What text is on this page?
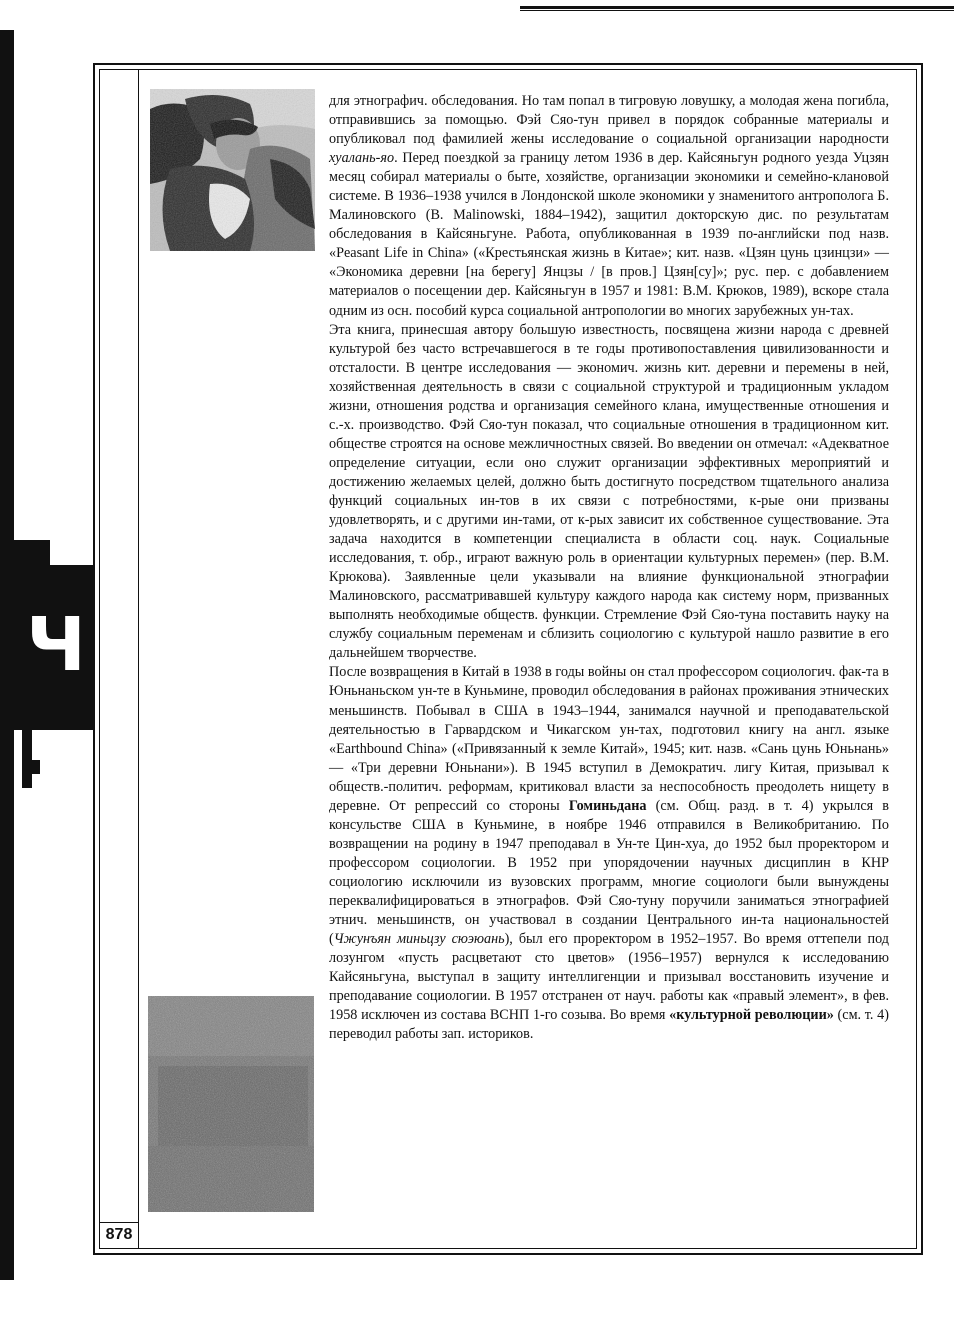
Ч
878

для этнографич. обследования. Но там попал в тигровую ловушку, а молодая жена погибла, отправившись за помощью. Фэй Сяо-тун привел в порядок собранные материалы и опубликовал под фамилией жены исследование о социальной организации народности хуалань-яо. Перед поездкой за границу летом 1936 в дер. Кайсяньгун родного уезда Уцзян месяц собирал материалы о быте, хозяйстве, организации экономики и семейно-клановой системе. В 1936–1938 учился в Лондонской школе экономики у знаменитого антрополога Б. Малиновского (B. Malinowski, 1884–1942), защитил докторскую дис. по результатам обследования в Кайсяньгуне. Работа, опубликованная в 1939 по-английски под назв. «Peasant Life in China» («Крестьянская жизнь в Китае»; кит. назв. «Цзян цунь цзинцзи» — «Экономика деревни [на берегу] Янцзы / [в пров.] Цзян[су]»; рус. пер. с добавлением материалов о посещении дер. Кайсяньгун в 1957 и 1981: В.М. Крюков, 1989), вскоре стала одним из осн. пособий курса социальной антропологии во многих зарубежных ун-тах.

Эта книга, принесшая автору большую известность, посвящена жизни народа с древней культурой без часто встречавшегося в те годы противопоставления цивилизованности и отсталости. В центре исследования — экономич. жизнь кит. деревни и перемены в ней, хозяйственная деятельность в связи с социальной структурой и традиционным укладом жизни, отношения родства и организация семейного клана, имущественные отношения и с.-х. производство. Фэй Сяо-тун показал, что социальные отношения в традиционном кит. обществе строятся на основе межличностных связей. Во введении он отмечал: «Адекватное определение ситуации, если оно служит организации эффективных мероприятий и достижению желаемых целей, должно быть достигнуто посредством тщательного анализа функций социальных ин-тов в их связи с потребностями, к-рые они призваны удовлетворять, и с другими ин-тами, от к-рых зависит их собственное существование. Эта задача находится в компетенции специалиста в области соц. наук. Социальные исследования, т. обр., играют важную роль в ориентации культурных перемен» (пер. В.М. Крюкова). Заявленные цели указывали на влияние функциональной этнографии Малиновского, рассматривавшей культуру каждого народа как систему норм, призванных выполнять необходимые обществ. функции. Стремление Фэй Сяо-туна поставить науку на службу социальным переменам и сблизить социологию с культурой нашло развитие в его дальнейшем творчестве.

После возвращения в Китай в 1938 в годы войны он стал профессором социологич. фак-та в Юньнаньском ун-те в Куньмине, проводил обследования в районах проживания этнических меньшинств. Побывал в США в 1943–1944, занимался научной и преподавательской деятельностью в Гарвардском и Чикагском ун-тах, подготовил книгу на англ. языке «Earthbound China» («Привязанный к земле Китай», 1945; кит. назв. «Сань цунь Юньнань» — «Три деревни Юньнани»). В 1945 вступил в Демократич. лигу Китая, призывал к обществ.-политич. реформам, критиковал власти за неспособность преодолеть нищету в деревне. От репрессий со стороны Гоминьдана (см. Общ. разд. в т. 4) укрылся в консульстве США в Куньмине, в ноябре 1946 отправился в Великобританию. По возвращении на родину в 1947 преподавал в Ун-те Цин-хуа, до 1952 был проректором и профессором социологии. В 1952 при упорядочении научных дисциплин в КНР социологию исключили из вузовских программ, многие социологи были вынуждены переквалифицироваться в этнографов. Фэй Сяо-туну поручили заниматься этнографией этнич. меньшинств, он участвовал в создании Центрального ин-та национальностей (Чжунъян миньцзу сюэюань), был его проректором в 1952–1957. Во время оттепели под лозунгом «пусть расцветают сто цветов» (1956–1957) вернулся к исследованию Кайсяньгуна, выступал в защиту интеллигенции и призывал восстановить изучение и преподавание социологии. В 1957 отстранен от науч. работы как «правый элемент», в фев. 1958 исключен из состава ВСНП 1-го созыва. Во время «культурной революции» (см. т. 4) переводил работы зап. историков.
